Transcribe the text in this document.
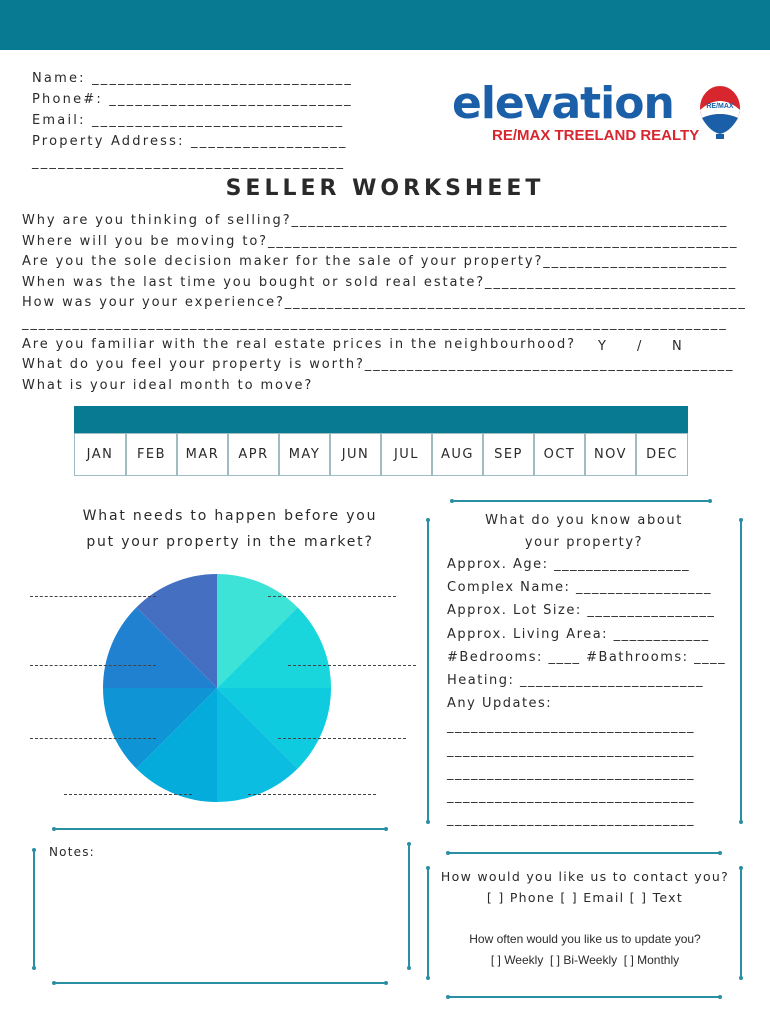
Name: ______________________________
Phone#: ____________________________
Email: _____________________________
Property Address: __________________
____________________________________
elevation
RE/MAX TREELAND REALTY
RE/MAX
SELLER WORKSHEET
Why are you thinking of selling?____________________________________________________
Where will you be moving to?________________________________________________________
Are you the sole decision maker for the sale of your property?______________________
When was the last time you bought or sold real estate?______________________________
How was your your experience?_______________________________________________________
____________________________________________________________________________________
Are you familiar with the real estate prices in the neighbourhood?
What do you feel your property is worth?____________________________________________
What is your ideal month to move?
Y / N
JAN	FEB	MAR	APR	MAY	JUN	JUL	AUG	SEP	OCT	NOV	DEC
What needs to happen before you
put your property in the market?
What do you know about
your property?
Approx. Age: _________________
Complex Name: _________________
Approx. Lot Size: ________________
Approx. Living Area: ____________
#Bedrooms: ____ #Bathrooms: ____
Heating: _______________________
Any Updates:
_______________________________
_______________________________
_______________________________
_______________________________
_______________________________
Notes:
How would you like us to contact you?
[ ] Phone [ ] Email [ ] Text
How often would you like us to update you?
[ ] Weekly  [ ] Bi-Weekly  [ ] Monthly
